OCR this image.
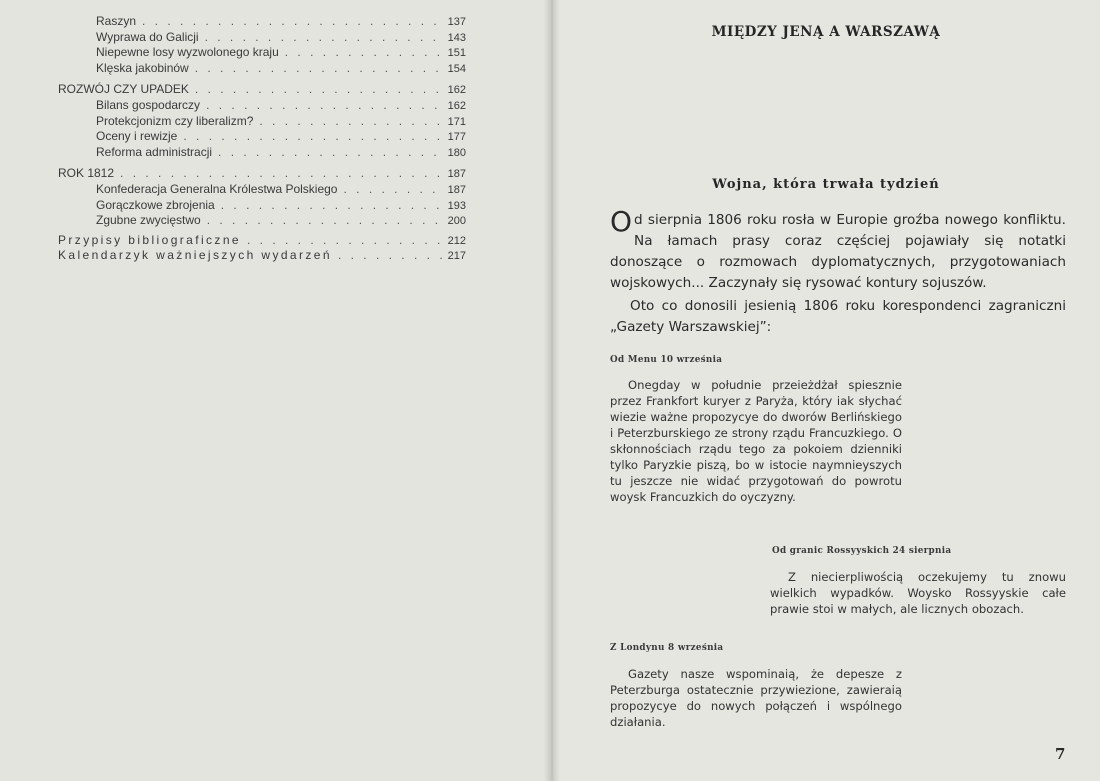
Raszyn . . .	137
Wyprawa do Galicji . . .	143
Niepewne losy wyzwolonego kraju . . .	151
Klęska jakobinów . . .	154
ROZWÓJ CZY UPADEK . . .	162
Bilans gospodarczy . . .	162
Protekcjonizm czy liberalizm? . . .	171
Oceny i rewizje . . .	177
Reforma administracji . . .	180
ROK 1812 . . .	187
Konfederacja Generalna Królestwa Polskiego . . .	187
Gorączkowe zbrojenia . . .	193
Zgubne zwycięstwo . . .	200
Przypisy bibliograficzne . . .	212
Kalendarzyk ważniejszych wydarzeń . . .	217
MIĘDZY JENĄ A WARSZAWĄ
Wojna, która trwała tydzień

Od sierpnia 1806 roku rosła w Europie groźba nowego konfliktu. Na łamach prasy coraz częściej pojawiały się notatki donoszące o rozmowach dyplomatycznych, przygotowaniach wojskowych... Zaczynały się rysować kontury sojuszów.

Oto co donosili jesienią 1806 roku korespondenci zagraniczni „Gazety Warszawskiej”:

Od Menu 10 września

Onegday w południe przeieżdżał spiesznie przez Frankfort kuryer z Paryża, który iak słychać wiezie ważne propozycye do dworów Berlińskiego i Peterzburskiego ze strony rządu Francuzkiego. O skłonnościach rządu tego za pokoiem dzienniki tylko Paryzkie piszą, bo w istocie naymnieyszych tu jeszcze nie widać przygotowań do powrotu woysk Francuzkich do oyczyzny.

Od granic Rossyyskich 24 sierpnia

Z niecierpliwością oczekujemy tu znowu wielkich wypadków. Woysko Rossyyskie całe prawie stoi w małych, ale licznych obozach.

Z Londynu 8 września

Gazety nasze wspominaią, że depesze z Peterzburga ostatecznie przywiezione, zawieraią propozycye do nowych połączeń i wspólnego działania.

7
